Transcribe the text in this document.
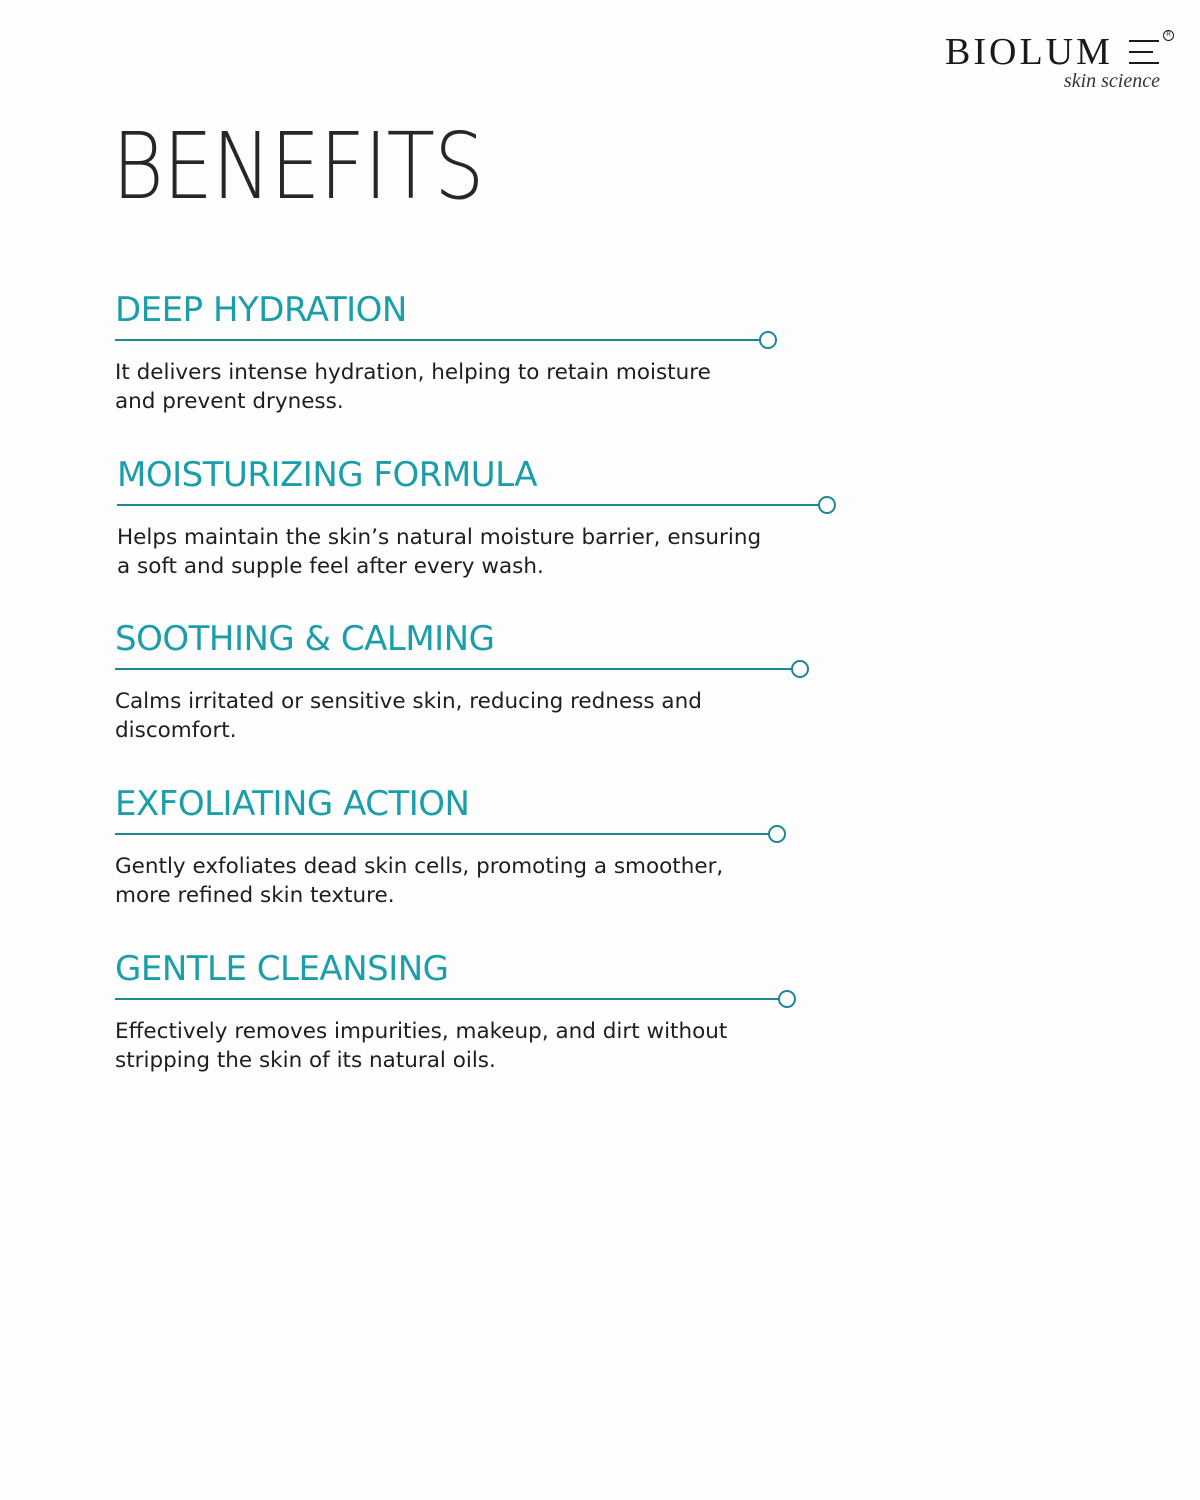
BIOLUM	R
skin science
BENEFITS
DEEP HYDRATION

It delivers intense hydration, helping to retain moisture
and prevent dryness.

MOISTURIZING FORMULA

Helps maintain the skin’s natural moisture barrier, ensuring
a soft and supple feel after every wash.

SOOTHING & CALMING

Calms irritated or sensitive skin, reducing redness and
discomfort.

EXFOLIATING ACTION

Gently exfoliates dead skin cells, promoting a smoother,
more refined skin texture.

GENTLE CLEANSING

Effectively removes impurities, makeup, and dirt without
stripping the skin of its natural oils.
